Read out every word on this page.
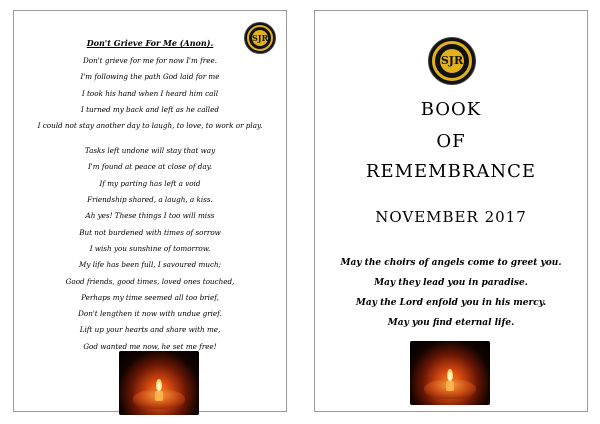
SJR
Don't Grieve For Me (Anon).
Don't grieve for me for now I'm free.
I'm following the path God laid for me
I took his hand when I heard him call
I turned my back and left as he called
I could not stay another day to laugh, to love, to work or play.
Tasks left undone will stay that way
I'm found at peace at close of day.
If my parting has left a void
Friendship shared, a laugh, a kiss.
Ah yes! These things I too will miss
But not burdened with times of sorrow
I wish you sunshine of tomorrow.
My life has been full, I savoured much;
Good friends, good times, loved ones touched,
Perhaps my time seemed all too brief,
Don't lengthen it now with undue grief.
Lift up your hearts and share with me,
God wanted me now, he set me free!
SJR
BOOK
OF
REMEMBRANCE
NOVEMBER 2017
May the choirs of angels come to greet you.
May they lead you in paradise.
May the Lord enfold you in his mercy.
May you find eternal life.
